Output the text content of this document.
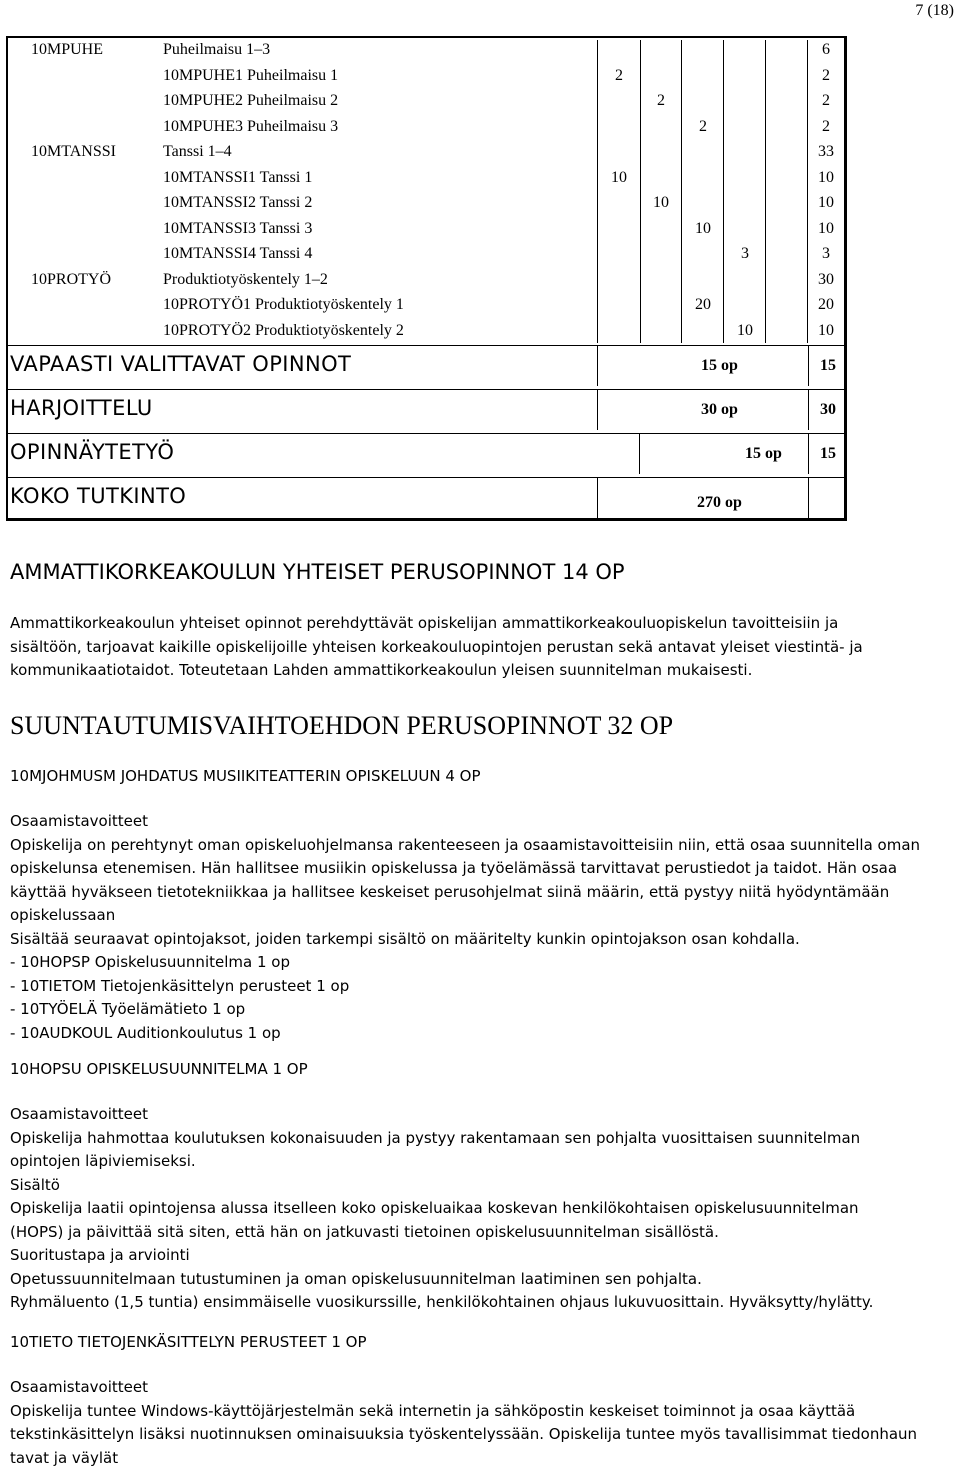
7 (18)
10MPUHE	Puheilmaisu 1–3	6
10MPUHE1 Puheilmaisu 1	2	2
10MPUHE2 Puheilmaisu 2	2	2
10MPUHE3 Puheilmaisu 3	2	2
10MTANSSI	Tanssi 1–4	33
10MTANSSI1 Tanssi 1	10	10
10MTANSSI2 Tanssi 2	10	10
10MTANSSI3 Tanssi 3	10	10
10MTANSSI4 Tanssi 4	3	3
10PROTYÖ	Produktiotyöskentely 1–2	30
10PROTYÖ1 Produktiotyöskentely 1	20	20
10PROTYÖ2 Produktiotyöskentely 2	10	10
VAPAASTI VALITTAVAT OPINNOT	15 op	15
HARJOITTELU	30 op	30
OPINNÄYTETYÖ	15 op 15
KOKO TUTKINTO	270 op
AMMATTIKORKEAKOULUN YHTEISET PERUSOPINNOT 14 OP
Ammattikorkeakoulun yhteiset opinnot perehdyttävät opiskelijan ammattikorkeakouluopiskelun tavoitteisiin ja
sisältöön, tarjoavat kaikille opiskelijoille yhteisen korkeakouluopintojen perustan sekä antavat yleiset viestintä- ja
kommunikaatiotaidot. Toteutetaan Lahden ammattikorkeakoulun yleisen suunnitelman mukaisesti.
SUUNTAUTUMISVAIHTOEHDON PERUSOPINNOT 32 OP
10MJOHMUSM JOHDATUS MUSIIKITEATTERIN OPISKELUUN 4 OP
Osaamistavoitteet
Opiskelija on perehtynyt oman opiskeluohjelmansa rakenteeseen ja osaamistavoitteisiin niin, että osaa suunnitella oman
opiskelunsa etenemisen. Hän hallitsee musiikin opiskelussa ja työelämässä tarvittavat perustiedot ja taidot. Hän osaa
käyttää hyväkseen tietotekniikkaa ja hallitsee keskeiset perusohjelmat siinä määrin, että pystyy niitä hyödyntämään
opiskelussaan
Sisältää seuraavat opintojaksot, joiden tarkempi sisältö on määritelty kunkin opintojakson osan kohdalla.
- 10HOPSP Opiskelusuunnitelma 1 op
- 10TIETOM Tietojenkäsittelyn perusteet 1 op
- 10TYÖELÄ Työelämätieto 1 op
- 10AUDKOUL Auditionkoulutus 1 op
10HOPSU OPISKELUSUUNNITELMA 1 OP
Osaamistavoitteet
Opiskelija hahmottaa koulutuksen kokonaisuuden ja pystyy rakentamaan sen pohjalta vuosittaisen suunnitelman
opintojen läpiviemiseksi.
Sisältö
Opiskelija laatii opintojensa alussa itselleen koko opiskeluaikaa koskevan henkilökohtaisen opiskelusuunnitelman
(HOPS) ja päivittää sitä siten, että hän on jatkuvasti tietoinen opiskelusuunnitelman sisällöstä.
Suoritustapa ja arviointi
Opetussuunnitelmaan tutustuminen ja oman opiskelusuunnitelman laatiminen sen pohjalta.
Ryhmäluento (1,5 tuntia) ensimmäiselle vuosikurssille, henkilökohtainen ohjaus lukuvuosittain. Hyväksytty/hylätty.
10TIETO TIETOJENKÄSITTELYN PERUSTEET 1 OP
Osaamistavoitteet
Opiskelija tuntee Windows-käyttöjärjestelmän sekä internetin ja sähköpostin keskeiset toiminnot ja osaa käyttää
tekstinkäsittelyn lisäksi nuotinnuksen ominaisuuksia työskentelyssään. Opiskelija tuntee myös tavallisimmat tiedonhaun
tavat ja väylät
